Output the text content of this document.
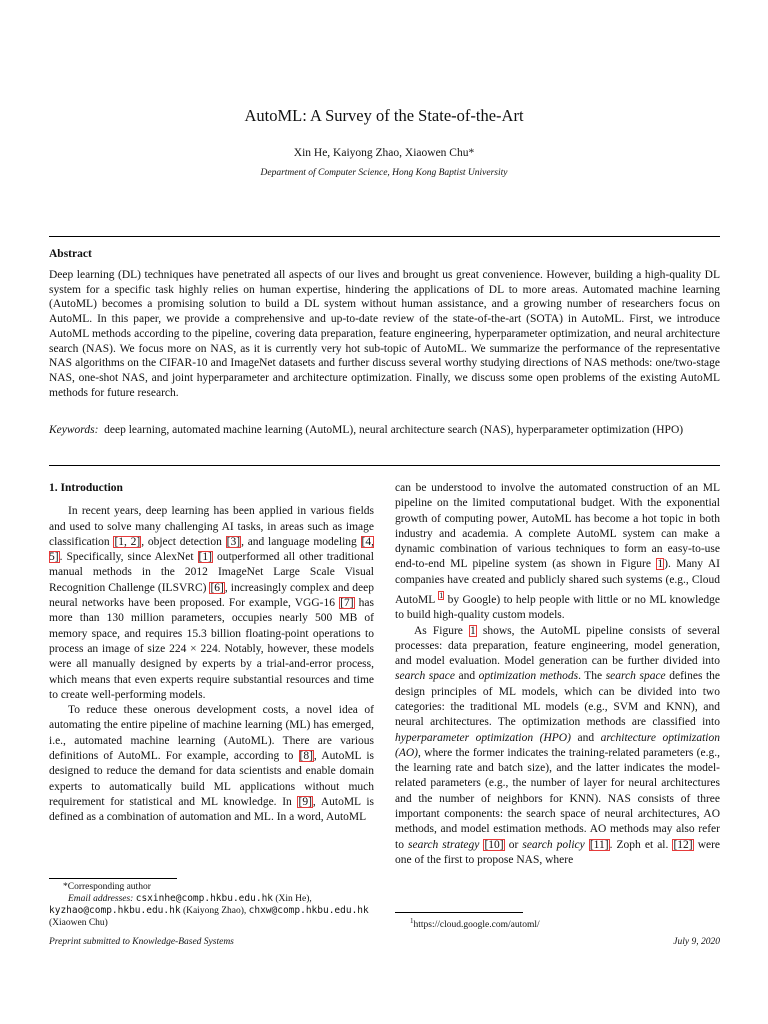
AutoML: A Survey of the State-of-the-Art
Xin He, Kaiyong Zhao, Xiaowen Chu*
Department of Computer Science, Hong Kong Baptist University
Abstract
Deep learning (DL) techniques have penetrated all aspects of our lives and brought us great convenience. However, building a high-quality DL system for a specific task highly relies on human expertise, hindering the applications of DL to more areas. Automated machine learning (AutoML) becomes a promising solution to build a DL system without human assistance, and a growing number of researchers focus on AutoML. In this paper, we provide a comprehensive and up-to-date review of the state-of-the-art (SOTA) in AutoML. First, we introduce AutoML methods according to the pipeline, covering data preparation, feature engineering, hyperparameter optimization, and neural architecture search (NAS). We focus more on NAS, as it is currently very hot sub-topic of AutoML. We summarize the performance of the representative NAS algorithms on the CIFAR-10 and ImageNet datasets and further discuss several worthy studying directions of NAS methods: one/two-stage NAS, one-shot NAS, and joint hyperparameter and architecture optimization. Finally, we discuss some open problems of the existing AutoML methods for future research.
Keywords: deep learning, automated machine learning (AutoML), neural architecture search (NAS), hyperparameter optimization (HPO)
1. Introduction
In recent years, deep learning has been applied in various fields and used to solve many challenging AI tasks, in areas such as image classification [1, 2], object detection [3], and language modeling [4, 5]. Specifically, since AlexNet [1] outperformed all other traditional manual methods in the 2012 ImageNet Large Scale Visual Recognition Challenge (ILSVRC) [6], increasingly complex and deep neural networks have been proposed. For example, VGG-16 [7] has more than 130 million parameters, occupies nearly 500 MB of memory space, and requires 15.3 billion floating-point operations to process an image of size 224 × 224. Notably, however, these models were all manually designed by experts by a trial-and-error process, which means that even experts require substantial resources and time to create well-performing models.
To reduce these onerous development costs, a novel idea of automating the entire pipeline of machine learning (ML) has emerged, i.e., automated machine learning (AutoML). There are various definitions of AutoML. For example, according to [8], AutoML is designed to reduce the demand for data scientists and enable domain experts to automatically build ML applications without much requirement for statistical and ML knowledge. In [9], AutoML is defined as a combination of automation and ML. In a word, AutoML
can be understood to involve the automated construction of an ML pipeline on the limited computational budget. With the exponential growth of computing power, AutoML has become a hot topic in both industry and academia. A complete AutoML system can make a dynamic combination of various techniques to form an easy-to-use end-to-end ML pipeline system (as shown in Figure 1). Many AI companies have created and publicly shared such systems (e.g., Cloud AutoML $^1$ by Google) to help people with little or no ML knowledge to build high-quality custom models.
As Figure 1 shows, the AutoML pipeline consists of several processes: data preparation, feature engineering, model generation, and model evaluation. Model generation can be further divided into search space and optimization methods. The search space defines the design principles of ML models, which can be divided into two categories: the traditional ML models (e.g., SVM and KNN), and neural architectures. The optimization methods are classified into hyperparameter optimization (HPO) and architecture optimization (AO), where the former indicates the training-related parameters (e.g., the learning rate and batch size), and the latter indicates the model-related parameters (e.g., the number of layer for neural architectures and the number of neighbors for KNN). NAS consists of three important components: the search space of neural architectures, AO methods, and model estimation methods. AO methods may also refer to search strategy [10] or search policy [11]. Zoph et al. [12] were one of the first to propose NAS, where
*Corresponding author
Email addresses: csxinhe@comp.hkbu.edu.hk (Xin He),
kyzhao@comp.hkbu.edu.hk (Kaiyong Zhao), chxw@comp.hkbu.edu.hk
(Xiaowen Chu)	$^1$https://cloud.google.com/automl/
Preprint submitted to Knowledge-Based Systems	July 9, 2020
